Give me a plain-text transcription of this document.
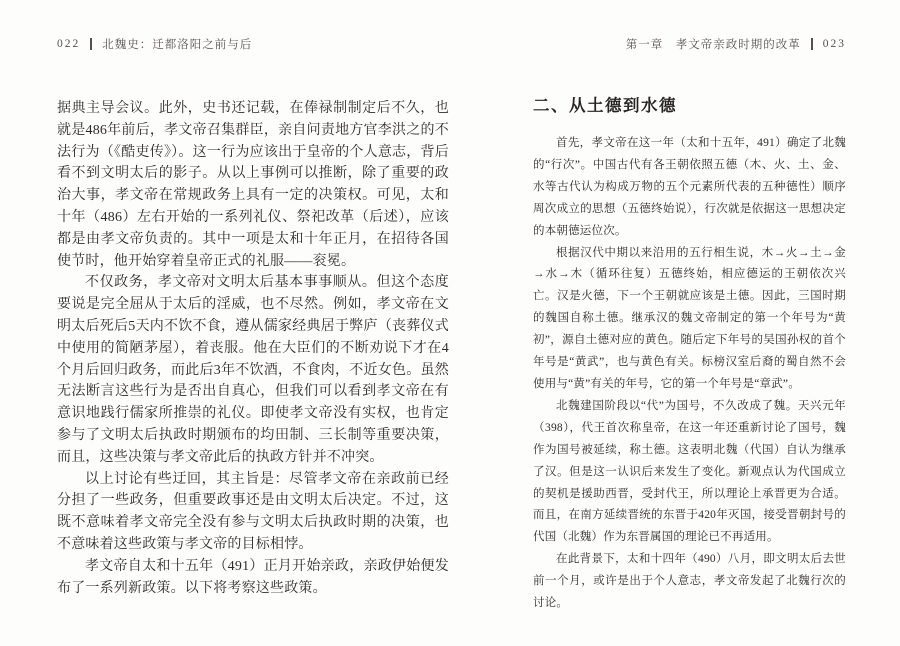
022 北魏史：迁都洛阳之前与后

据典主导会议。此外，史书还记载，在俸禄制制定后不久，也就是486年前后，孝文帝召集群臣，亲自问责地方官李洪之的不法行为（《酷吏传》）。这一行为应该出于皇帝的个人意志，背后看不到文明太后的影子。从以上事例可以推断，除了重要的政治大事，孝文帝在常规政务上具有一定的决策权。可见，太和十年（486）左右开始的一系列礼仪、祭祀改革（后述），应该都是由孝文帝负责的。其中一项是太和十年正月，在招待各国使节时，他开始穿着皇帝正式的礼服——衮冕。

不仅政务，孝文帝对文明太后基本事事顺从。但这个态度要说是完全屈从于太后的淫威，也不尽然。例如，孝文帝在文明太后死后5天内不饮不食，遵从儒家经典居于弊庐（丧葬仪式中使用的简陋茅屋），着丧服。他在大臣们的不断劝说下才在4个月后回归政务，而此后3年不饮酒，不食肉，不近女色。虽然无法断言这些行为是否出自真心，但我们可以看到孝文帝在有意识地践行儒家所推崇的礼仪。即使孝文帝没有实权，也肯定参与了文明太后执政时期颁布的均田制、三长制等重要决策，而且，这些决策与孝文帝此后的执政方针并不冲突。

以上讨论有些迂回，其主旨是：尽管孝文帝在亲政前已经分担了一些政务，但重要政事还是由文明太后决定。不过，这既不意味着孝文帝完全没有参与文明太后执政时期的决策，也不意味着这些政策与孝文帝的目标相悖。

孝文帝自太和十五年（491）正月开始亲政，亲政伊始便发布了一系列新政策。以下将考察这些政策。

第一章　孝文帝亲政时期的改革 023
二、从土德到水德

首先，孝文帝在这一年（太和十五年，491）确定了北魏的“行次”。中国古代有各王朝依照五德（木、火、土、金、水等古代认为构成万物的五个元素所代表的五种德性）顺序周次成立的思想（五德终始说），行次就是依据这一思想决定的本朝德运位次。

根据汉代中期以来沿用的五行相生说，木→火→土→金→水→木（循环往复）五德终始，相应德运的王朝依次兴亡。汉是火德，下一个王朝就应该是土德。因此，三国时期的魏国自称土德。继承汉的魏文帝制定的第一个年号为“黄初”，源自土德对应的黄色。随后定下年号的吴国孙权的首个年号是“黄武”，也与黄色有关。标榜汉室后裔的蜀自然不会使用与“黄”有关的年号，它的第一个年号是“章武”。

北魏建国阶段以“代”为国号，不久改成了魏。天兴元年（398），代王首次称皇帝，在这一年还重新讨论了国号，魏作为国号被延续，称土德。这表明北魏（代国）自认为继承了汉。但是这一认识后来发生了变化。新观点认为代国成立的契机是援助西晋，受封代王，所以理论上承晋更为合适。而且，在南方延续晋统的东晋于420年灭国，接受晋朝封号的代国（北魏）作为东晋属国的理论已不再适用。

在此背景下，太和十四年（490）八月，即文明太后去世前一个月，或许是出于个人意志，孝文帝发起了北魏行次的讨论。
